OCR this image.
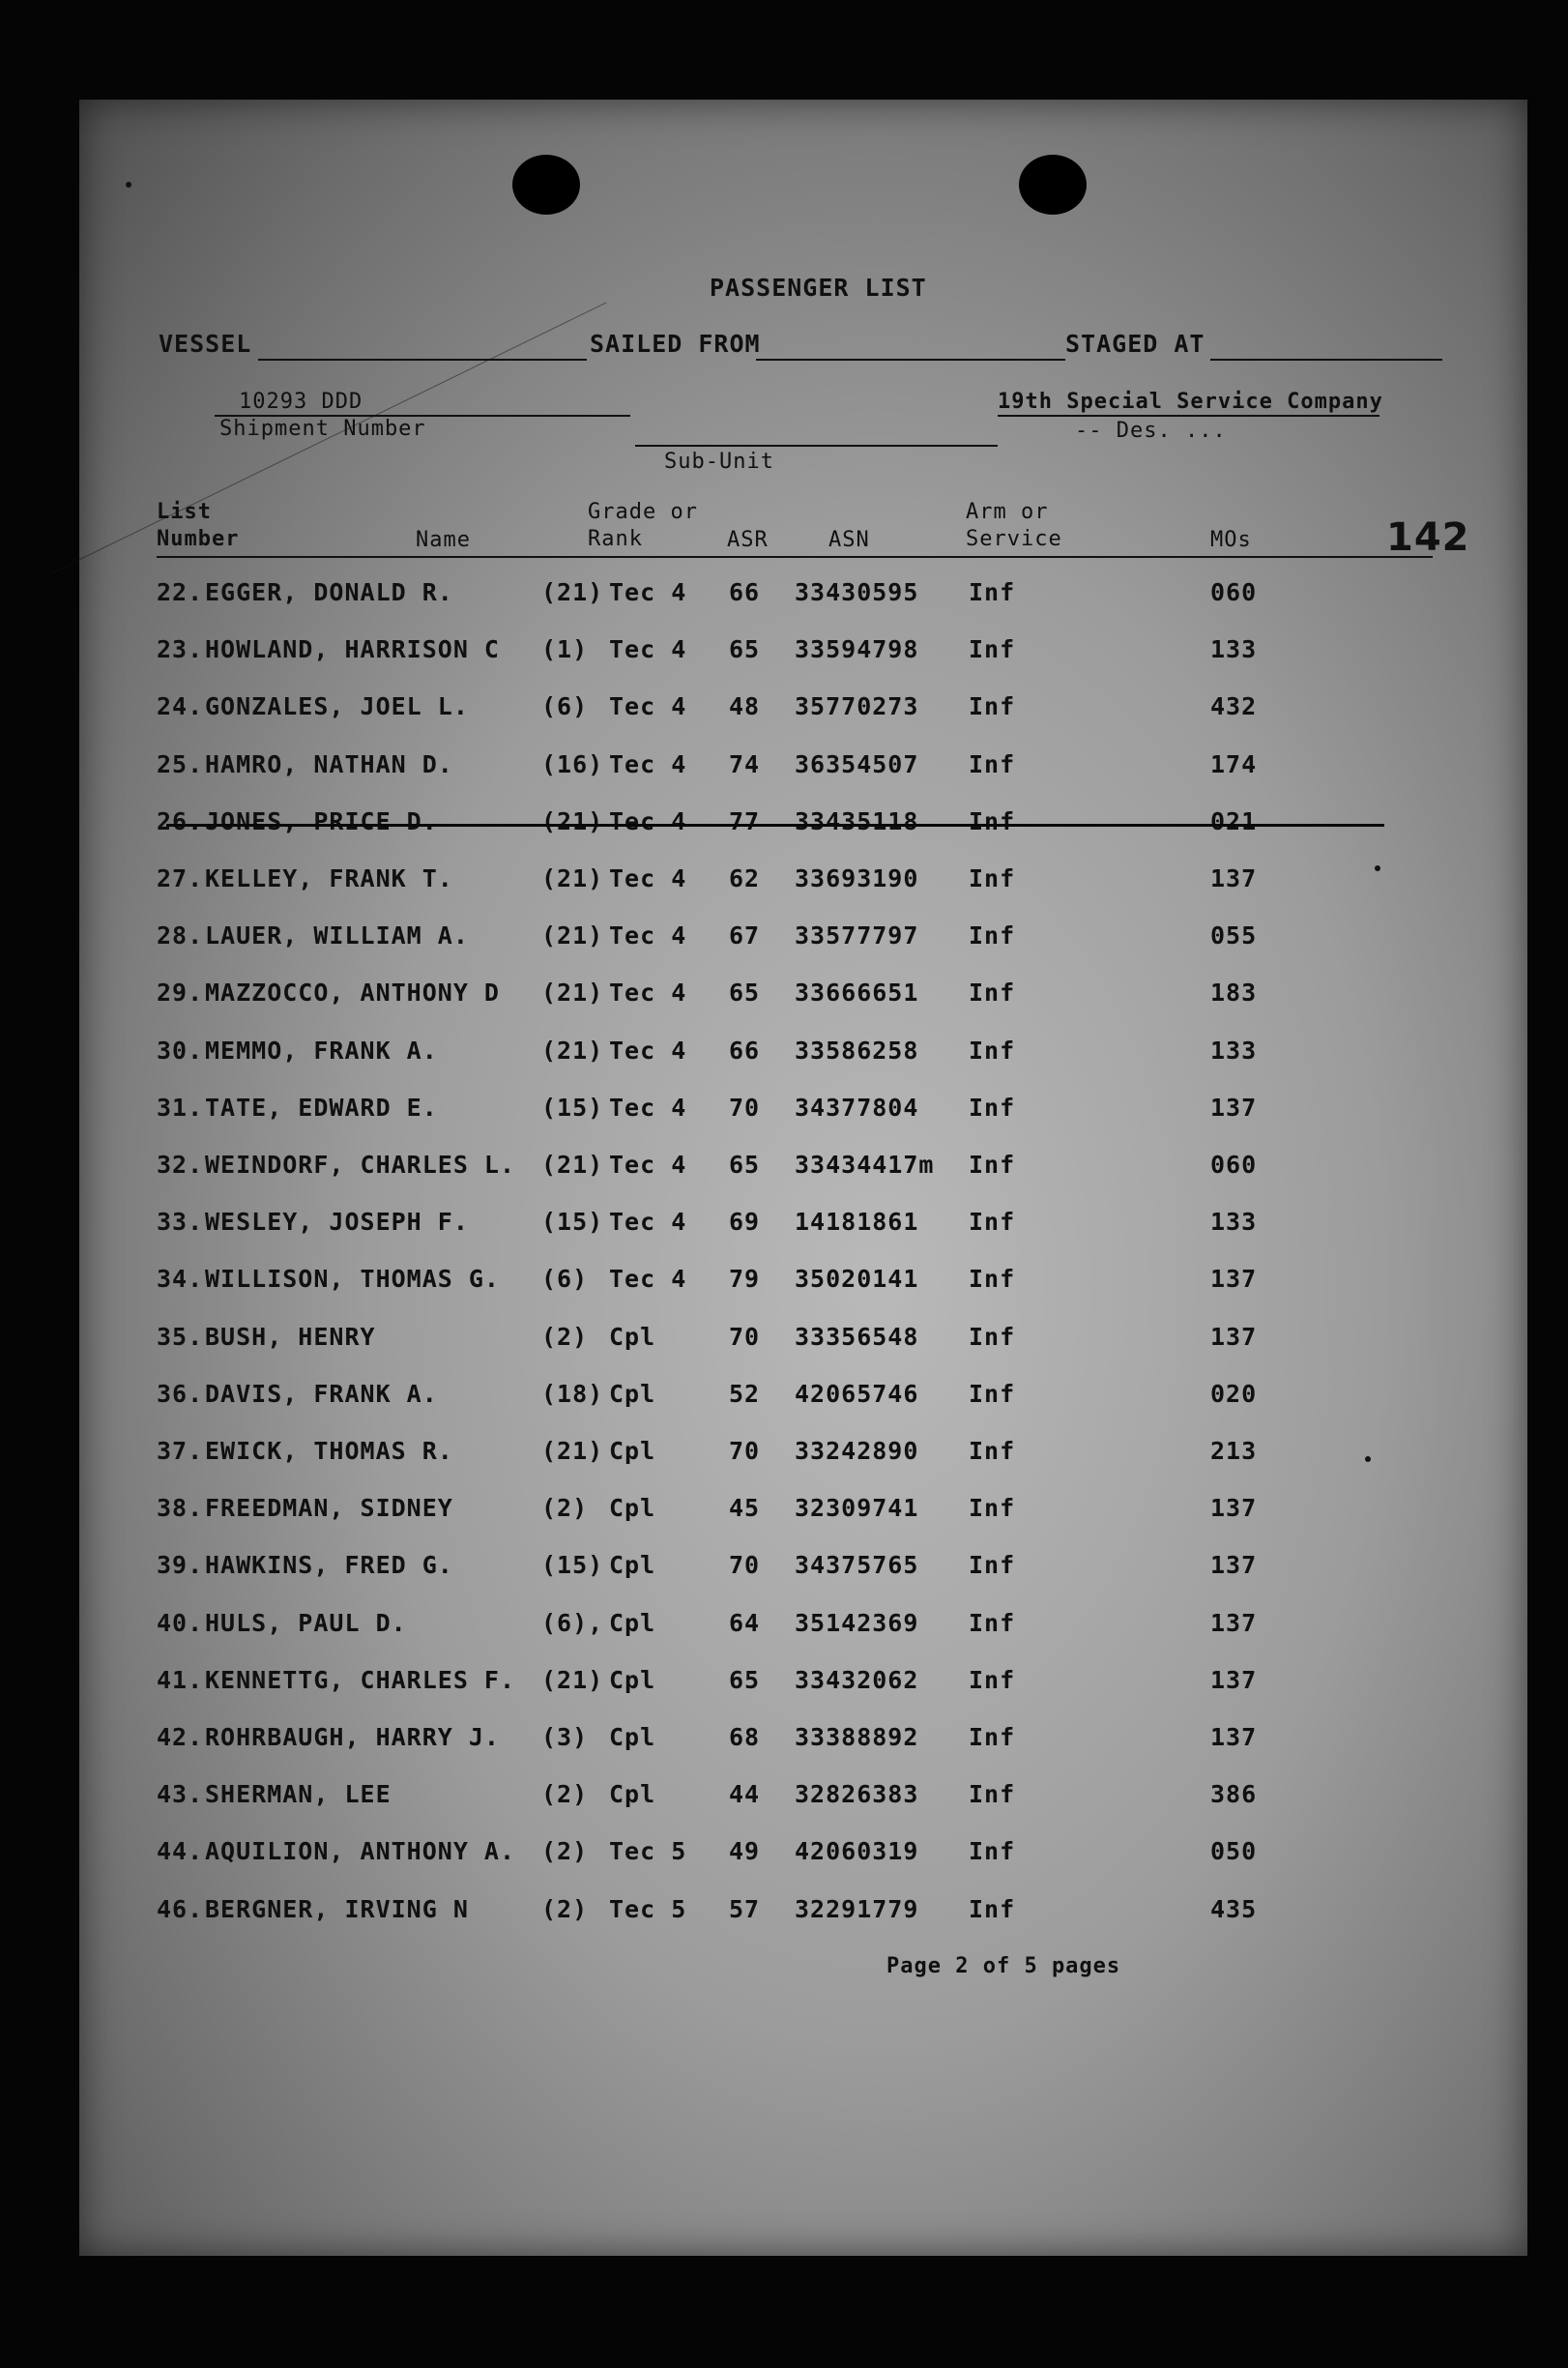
PASSENGER LIST
VESSEL	SAILED FROM	STAGED AT
10293 DDD
Shipment Number
19th Special Service Company
-- Des. ...
Sub-Unit
List Number	Name
Grade or Rank	ASR	ASN
Arm or Service	MOs	142
22. EGGER, DONALD R.	(21) Tec 4 66 33430595 Inf	060
23. HOWLAND, HARRISON C (1) Tec 4 65 33594798 Inf	133
24. GONZALES, JOEL L.	(6) Tec 4 48 35770273 Inf	432
25. HAMRO, NATHAN D.	(16) Tec 4 74 36354507 Inf	174
26. JONES, PRICE D.	(21) Tec 4 77 33435118 Inf	021
27. KELLEY, FRANK T.	(21) Tec 4 62 33693190 Inf	137
28. LAUER, WILLIAM A.	(21) Tec 4 67 33577797 Inf	055
29. MAZZOCCO, ANTHONY D (21) Tec 4 65 33666651 Inf	183
30. MEMMO, FRANK A.	(21) Tec 4 66 33586258 Inf	133
31. TATE, EDWARD E.	(15) Tec 4 70 34377804 Inf	137
32. WEINDORF, CHARLES L. (21) Tec 4 65 33434417m Inf	060
33. WESLEY, JOSEPH F.	(15) Tec 4 69 14181861 Inf	133
34. WILLISON, THOMAS G. (6) Tec 4 79 35020141 Inf	137
35. BUSH, HENRY	(2) Cpl	70 33356548 Inf	137
36. DAVIS, FRANK A.	(18) Cpl	52 42065746 Inf	020
37. EWICK, THOMAS R.	(21) Cpl	70 33242890 Inf	213
38. FREEDMAN, SIDNEY	(2) Cpl	45 32309741 Inf	137
39. HAWKINS, FRED G.	(15) Cpl	70 34375765 Inf	137
40. HULS, PAUL D.	(6), Cpl	64 35142369 Inf	137
41. KENNETTG, CHARLES F. (21) Cpl	65 33432062 Inf	137
42. ROHRBAUGH, HARRY J. (3) Cpl	68 33388892 Inf	137
43. SHERMAN, LEE	(2) Cpl	44 32826383 Inf	386
44. AQUILION, ANTHONY A. (2) Tec 5 49 42060319 Inf	050
46. BERGNER, IRVING N	(2) Tec 5 57 32291779 Inf	435
Page 2 of 5 pages
